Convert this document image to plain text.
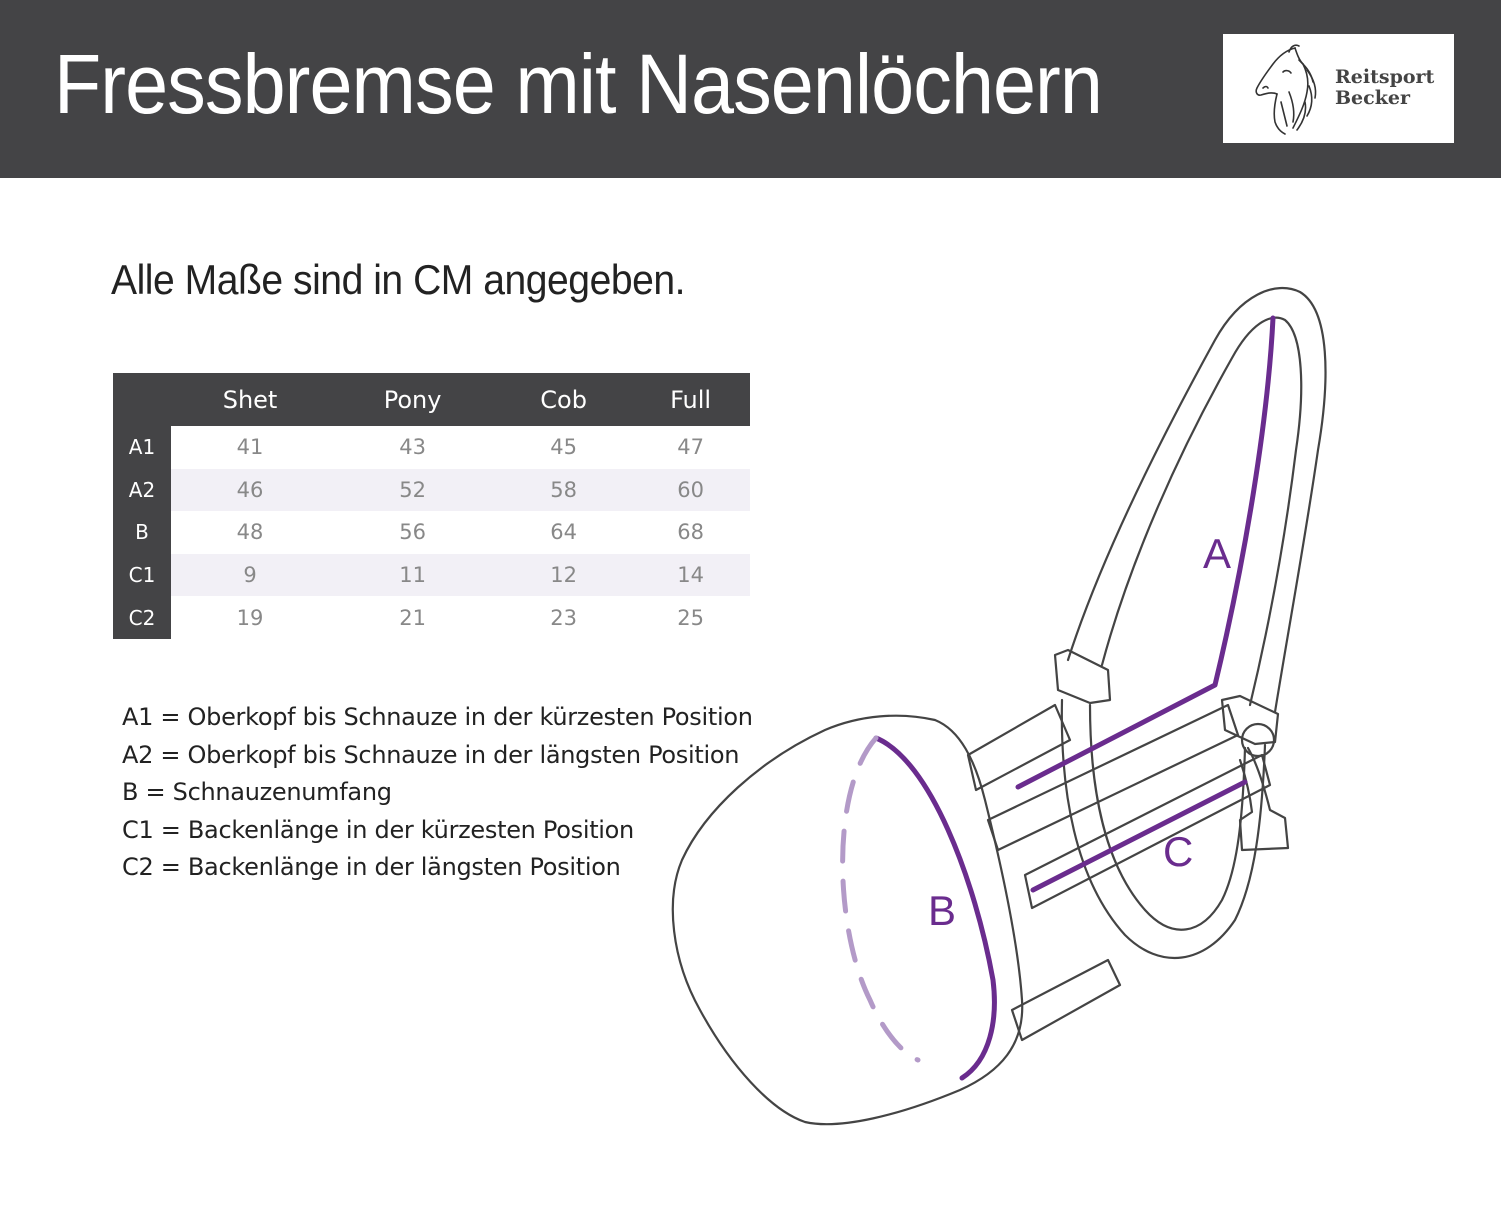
Fressbremse mit Nasenlöchern	Reitsport
Becker
Alle Maße sind in CM angegeben.
	Shet	Pony	Cob	Full
A1	41	43	45	47
A2	46	52	58	60
B	48	56	64	68
C1	9	11	12	14
C2	19	21	23	25
A1 = Oberkopf bis Schnauze in der kürzesten Position
A2 = Oberkopf bis Schnauze in der längsten Position
B = Schnauzenumfang
C1 = Backenlänge in der kürzesten Position
C2 = Backenlänge in der längsten Position
A
B
C
